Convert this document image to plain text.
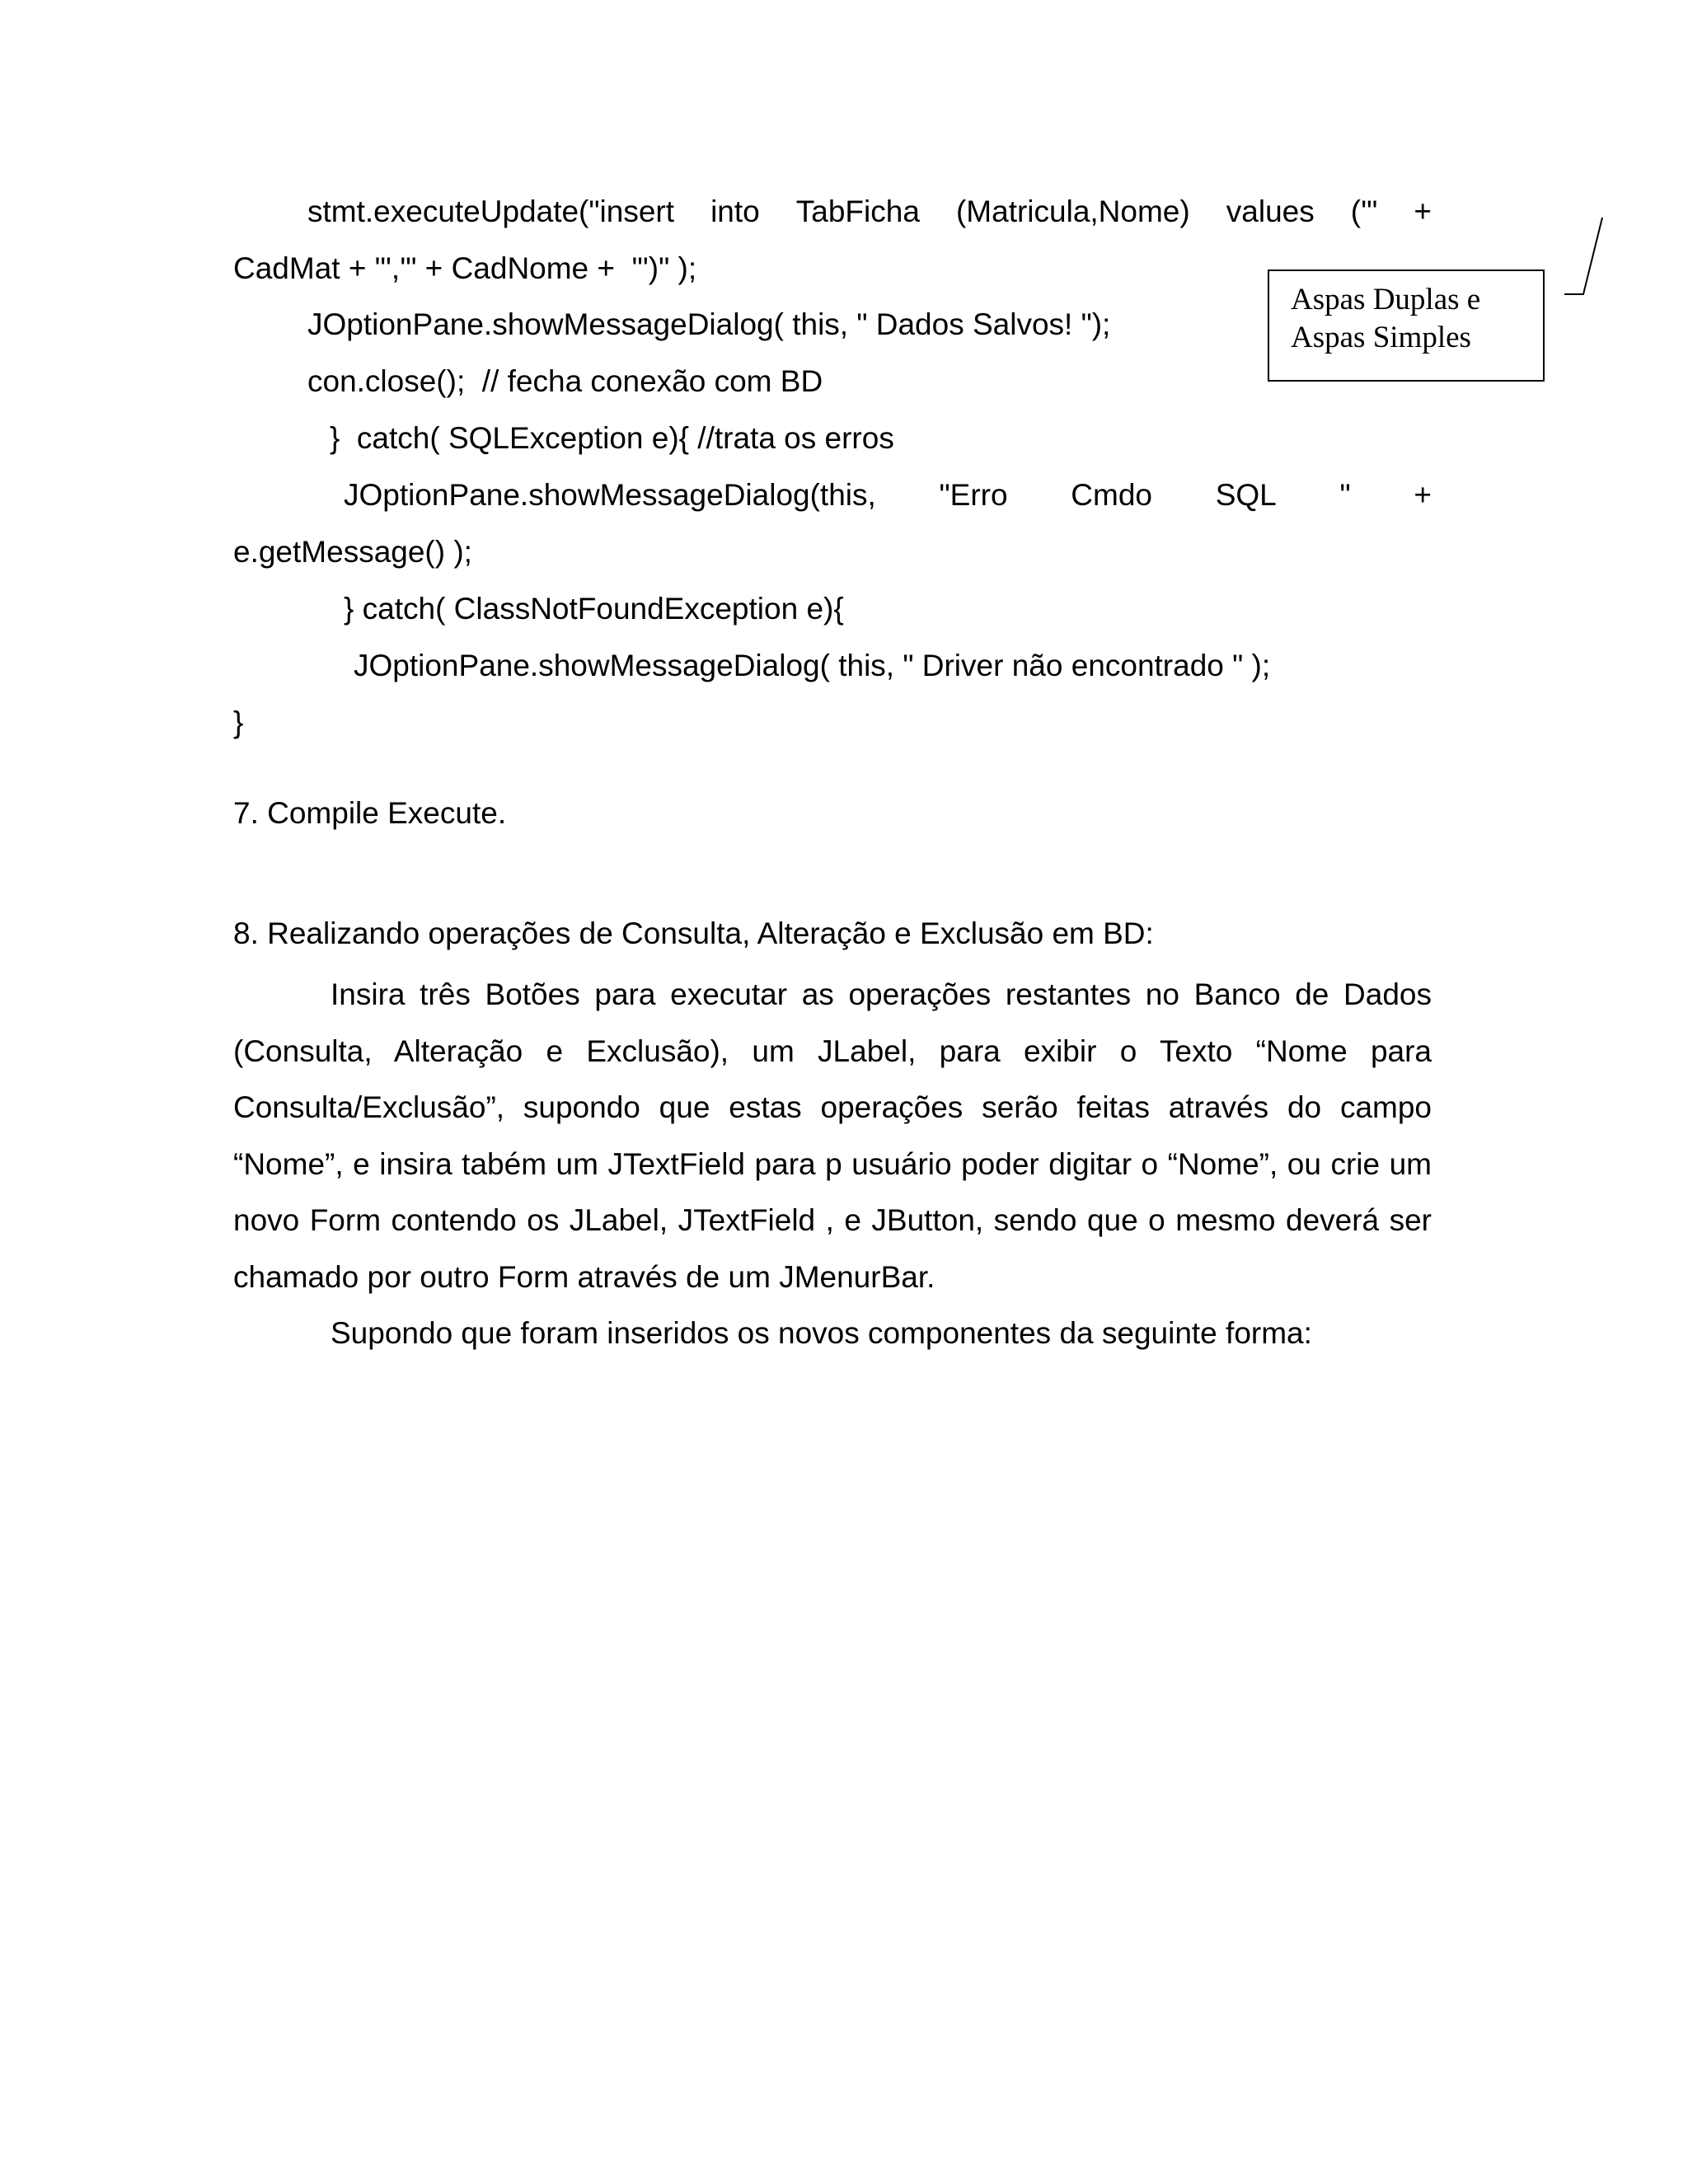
stmt.executeUpdate("insert into TabFicha (Matricula,Nome) values ('" +

CadMat + "','" + CadNome +  "')" );

JOptionPane.showMessageDialog( this, " Dados Salvos! ");

con.close();  // fecha conexão com BD

}  catch( SQLException e){ //trata os erros

JOptionPane.showMessageDialog(this, "Erro Cmdo SQL " +

e.getMessage() );

} catch( ClassNotFoundException e){

JOptionPane.showMessageDialog( this, " Driver não encontrado " );

}

Aspas Duplas e
Aspas Simples

7. Compile Execute.

8. Realizando operações de Consulta, Alteração e Exclusão em BD:

Insira três Botões para executar as operações restantes no Banco de Dados (Consulta, Alteração e Exclusão), um JLabel, para exibir o Texto “Nome para Consulta/Exclusão”, supondo que estas operações serão feitas através do campo “Nome”, e insira tabém um JTextField para p usuário poder digitar o “Nome”, ou crie um novo Form contendo os JLabel, JTextField , e JButton, sendo que o mesmo deverá ser chamado por outro Form através de um JMenurBar.

Supondo que foram inseridos os novos componentes da seguinte forma:
